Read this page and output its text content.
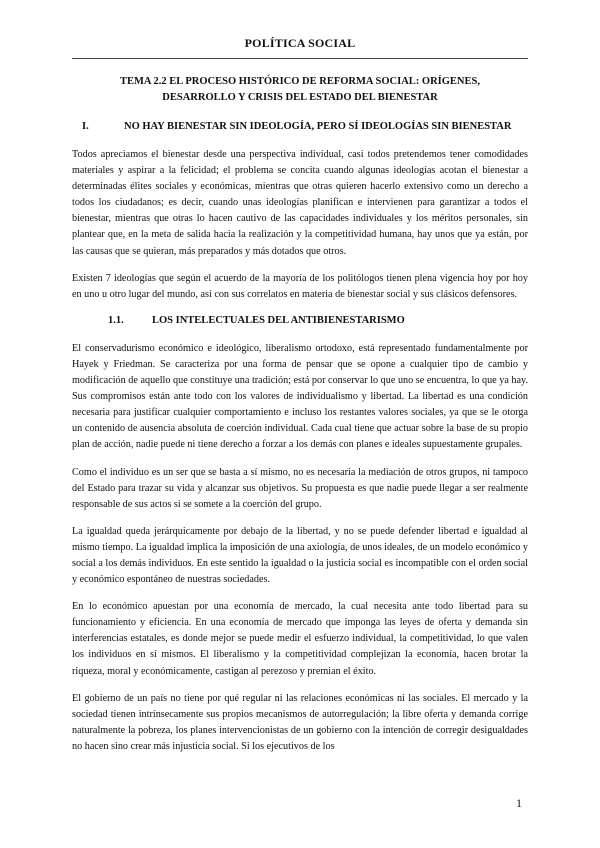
POLÍTICA SOCIAL
TEMA 2.2 EL PROCESO HISTÓRICO DE REFORMA SOCIAL: ORÍGENES,
DESARROLLO Y CRISIS DEL ESTADO DEL BIENESTAR
I.	NO HAY BIENESTAR SIN IDEOLOGÍA, PERO SÍ IDEOLOGÍAS SIN BIENESTAR

Todos apreciamos el bienestar desde una perspectiva individual, casi todos pretendemos tener comodidades materiales y aspirar a la felicidad; el problema se concita cuando algunas ideologías acotan el bienestar a determinadas élites sociales y económicas, mientras que otras quieren hacerlo extensivo como un derecho a todos los ciudadanos; es decir, cuando unas ideologías planifican e intervienen para garantizar a todos el bienestar, mientras que otras lo hacen cautivo de las capacidades individuales y los méritos personales, sin plantear que, en la meta de salida hacia la realización y la competitividad humana, hay unos que ya están, por las causas que se quieran, más preparados y más dotados que otros.

Existen 7 ideologías que según el acuerdo de la mayoría de los politólogos tienen plena vigencia hoy por hoy en uno u otro lugar del mundo, así con sus correlatos en materia de bienestar social y sus clásicos defensores.

1.1.	LOS INTELECTUALES DEL ANTIBIENESTARISMO

El conservadurismo económico e ideológico, liberalismo ortodoxo, está representado fundamentalmente por Hayek y Friedman. Se caracteriza por una forma de pensar que se opone a cualquier tipo de cambio y modificación de aquello que constituye una tradición; está por conservar lo que uno se encuentra, lo que ya hay. Sus compromisos están ante todo con los valores de individualismo y libertad. La libertad es una condición necesaria para justificar cualquier comportamiento e incluso los restantes valores sociales, ya que se le otorga un contenido de ausencia absoluta de coerción individual. Cada cual tiene que actuar sobre la base de su propio plan de acción, nadie puede ni tiene derecho a forzar a los demás con planes e ideales supuestamente grupales.

Como el individuo es un ser que se basta a sí mismo, no es necesaria la mediación de otros grupos, ni tampoco del Estado para trazar su vida y alcanzar sus objetivos. Su propuesta es que nadie puede llegar a ser realmente responsable de sus actos si se somete a la coerción del grupo.

La igualdad queda jerárquicamente por debajo de la libertad, y no se puede defender libertad e igualdad al mismo tiempo. La igualdad implica la imposición de una axiología, de unos ideales, de un modelo económico y social a los demás individuos. En este sentido la igualdad o la justicia social es incompatible con el orden social y económico espontáneo de nuestras sociedades.

En lo económico apuestan por una economía de mercado, la cual necesita ante todo libertad para su funcionamiento y eficiencia. En una economía de mercado que imponga las leyes de oferta y demanda sin interferencias estatales, es donde mejor se puede medir el esfuerzo individual, la competitividad, lo que valen los individuos en sí mismos. El liberalismo y la competitividad complejizan la economía, hacen brotar la riqueza, moral y económicamente, castigan al perezoso y premian el éxito.

El gobierno de un país no tiene por qué regular ni las relaciones económicas ni las sociales. El mercado y la sociedad tienen intrínsecamente sus propios mecanismos de autorregulación; la libre oferta y demanda corrige naturalmente la pobreza, los planes intervencionistas de un gobierno con la intención de corregir desigualdades no hacen sino crear más injusticia social. Si los ejecutivos de los

1
